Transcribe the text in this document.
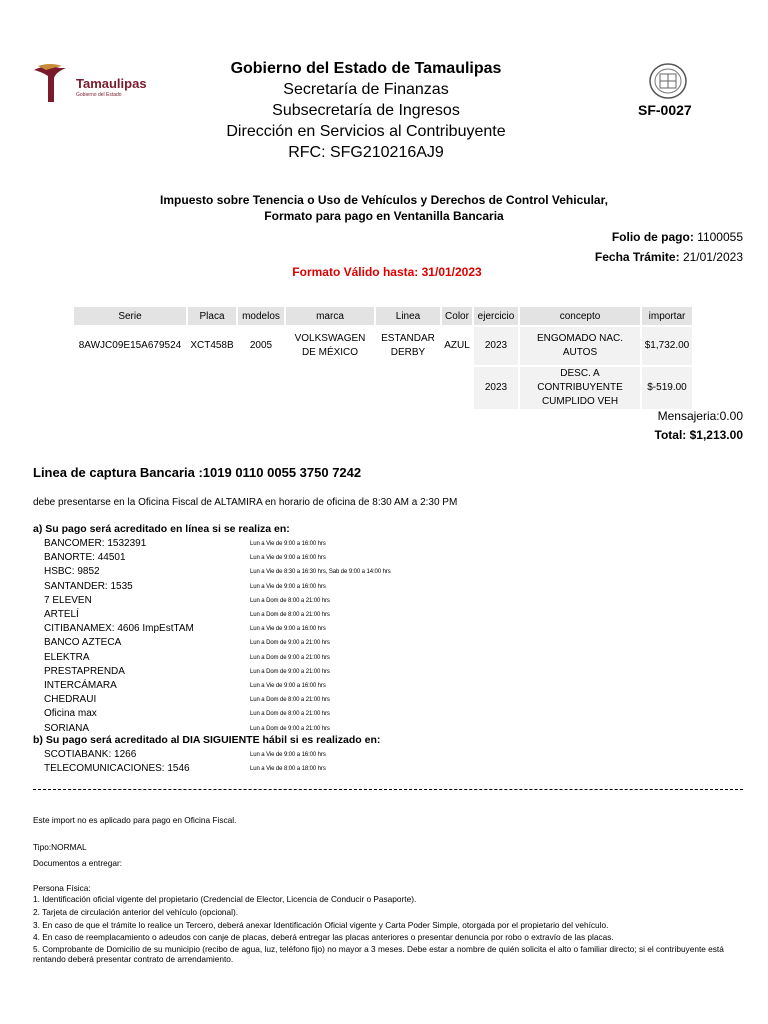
Tamaulipas
Gobierno del Estado
Gobierno del Estado de Tamaulipas
Secretaría de Finanzas
Subsecretaría de Ingresos
Dirección en Servicios al Contribuyente
RFC: SFG210216AJ9
SF-0027
Impuesto sobre Tenencia o Uso de Vehículos y Derechos de Control Vehicular,
Formato para pago en Ventanilla Bancaria
Folio de pago: 1100055
Fecha Trámite: 21/01/2023
Formato Válido hasta: 31/01/2023
Serie	Placa	modelos	marca	Linea	Color	ejercicio	concepto	importar
8AWJC09E15A679524	XCT458B	2005	VOLKSWAGEN DE MÉXICO	ESTANDAR DERBY	AZUL	2023	ENGOMADO NAC. AUTOS	$1,732.00
						2023	DESC. A CONTRIBUYENTE CUMPLIDO VEH	$-519.00
Mensajeria:0.00
Total: $1,213.00
Linea de captura Bancaria :1019 0110 0055 3750 7242
debe presentarse en la Oficina Fiscal de ALTAMIRA en horario de oficina de 8:30 AM a 2:30 PM
a) Su pago será acreditado en línea si se realiza en:
BANCOMER: 1532391	Lun a Vie de 9:00 a 16:00 hrs
BANORTE: 44501	Lun a Vie de 9:00 a 16:00 hrs
HSBC: 9852	Lun a Vie de 8:30 a 16:30 hrs, Sab de 9:00 a 14:00 hrs
SANTANDER: 1535	Lun a Vie de 9:00 a 16:00 hrs
7 ELEVEN	Lun a Dom de 8:00 a 21:00 hrs
ARTELÍ	Lun a Dom de 8:00 a 21:00 hrs
CITIBANAMEX: 4606 ImpEstTAM	Lun a Vie de 9:00 a 16:00 hrs
BANCO AZTECA	Lun a Dom de 9:00 a 21:00 hrs
ELEKTRA	Lun a Dom de 9:00 a 21:00 hrs
PRESTAPRENDA	Lun a Dom de 9:00 a 21:00 hrs
INTERCÁMARA	Lun a Vie de 9:00 a 16:00 hrs
CHEDRAUI	Lun a Dom de 8:00 a 21:00 hrs
Oficina max	Lun a Dom de 8:00 a 21:00 hrs
SORIANA	Lun a Dom de 9:00 a 21:00 hrs
b) Su pago será acreditado al DIA SIGUIENTE hábil si es realizado en:
SCOTIABANK: 1266	Lun a Vie de 9:00 a 16:00 hrs
TELECOMUNICACIONES: 1546	Lun a Vie de 8:00 a 18:00 hrs
Este import no es aplicado para pago en Oficina Fiscal.
Tipo:NORMAL
Documentos a entregar:
Persona Física:
1. Identificación oficial vigente del propietario (Credencial de Elector, Licencia de Conducir o Pasaporte).
2. Tarjeta de circulación anterior del vehículo (opcional).
3. En caso de que el trámite lo realice un Tercero, deberá anexar Identificación Oficial vigente y Carta Poder Simple, otorgada por el propietario del vehículo.
4. En caso de reemplacamiento o adeudos con canje de placas, deberá entregar las placas anteriores o presentar denuncia por robo o extravío de las placas.
5. Comprobante de Domicilio de su municipio (recibo de agua, luz, teléfono fijo) no mayor a 3 meses. Debe estar a nombre de quién solicita el alto o familiar directo; si el contribuyente está rentando deberá presentar contrato de arrendamiento.
